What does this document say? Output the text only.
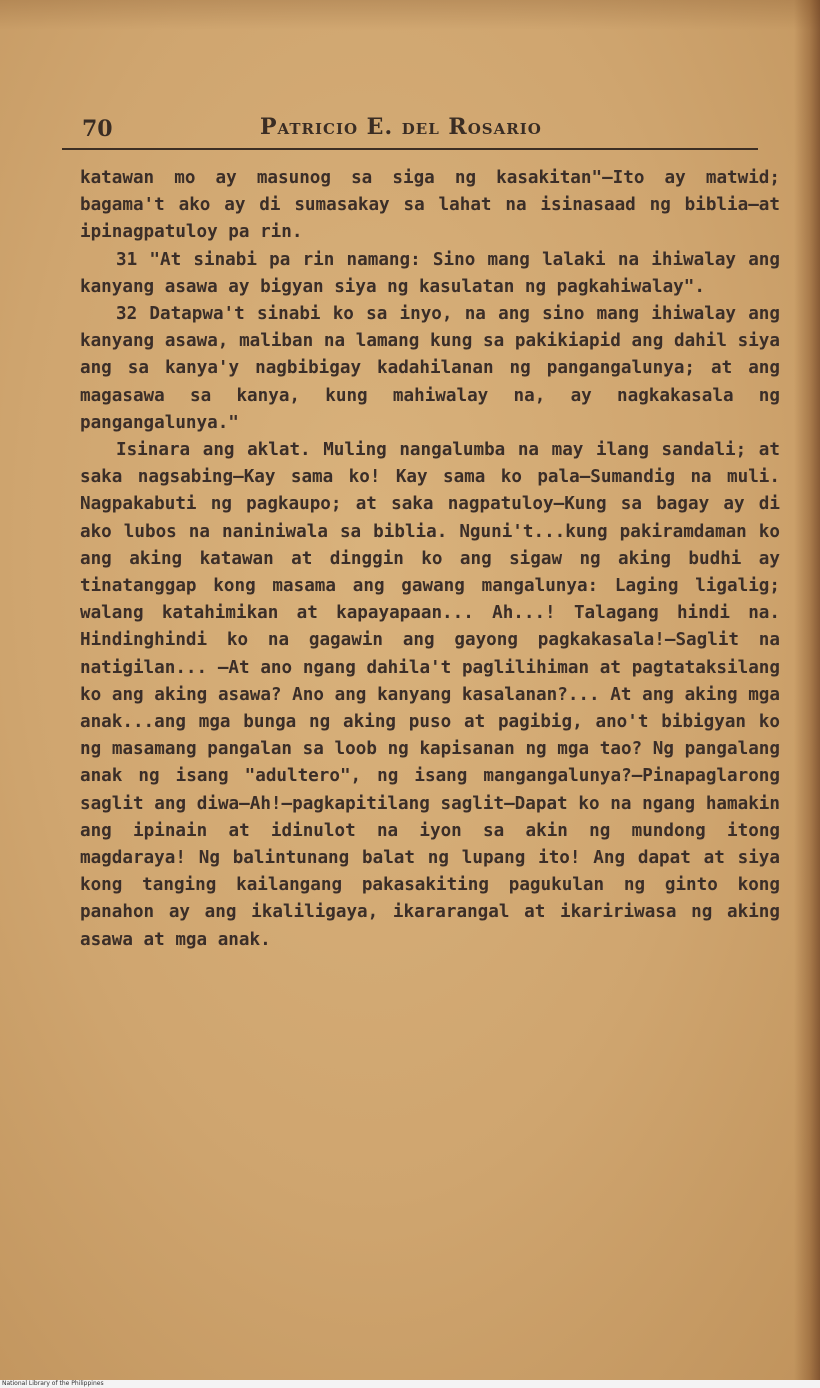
70	Patricio E. del Rosario

katawan mo ay masunog sa siga ng kasakitan"—Ito ay matwid; bagama't ako ay di sumasakay sa lahat na isinasaad ng biblia—at ipinagpatuloy pa rin.

31 "At sinabi pa rin namang: Sino mang lalaki na ihiwalay ang kanyang asawa ay bigyan siya ng kasulatan ng pagkahiwalay".

32 Datapwa't sinabi ko sa inyo, na ang sino mang ihiwalay ang kanyang asawa, maliban na lamang kung sa pakikiapid ang dahil siya ang sa kanya'y nagbibigay kadahilanan ng pangangalunya; at ang magasawa sa kanya, kung mahiwalay na, ay nagkakasala ng pangangalunya."

Isinara ang aklat. Muling nangalumba na may ilang sandali; at saka nagsabing—Kay sama ko! Kay sama ko pala—Sumandig na muli. Nagpakabuti ng pagkaupo; at saka nagpatuloy—Kung sa bagay ay di ako lubos na naniniwala sa biblia. Nguni't...kung pakiramdaman ko ang aking katawan at dinggin ko ang sigaw ng aking budhi ay tinatanggap kong masama ang gawang mangalunya: Laging ligalig; walang katahimikan at kapayapaan... Ah...! Talagang hindi na. Hindinghindi ko na gagawin ang gayong pagkakasala!—Saglit na natigilan... —At ano ngang dahila't paglilihiman at pagtataksilang ko ang aking asawa? Ano ang kanyang kasalanan?... At ang aking mga anak...ang mga bunga ng aking puso at pagibig, ano't bibigyan ko ng masamang pangalan sa loob ng kapisanan ng mga tao? Ng pangalang anak ng isang "adultero", ng isang mangangalunya?—Pinapaglarong saglit ang diwa—Ah!—pagkapitilang saglit—Dapat ko na ngang hamakin ang ipinain at idinulot na iyon sa akin ng mundong itong magdaraya! Ng balintunang balat ng lupang ito! Ang dapat at siya kong tanging kailangang pakasakiting pagukulan ng ginto kong panahon ay ang ikaliligaya, ikararangal at ikaririwasa ng aking asawa at mga anak.

National Library of the Philippines
